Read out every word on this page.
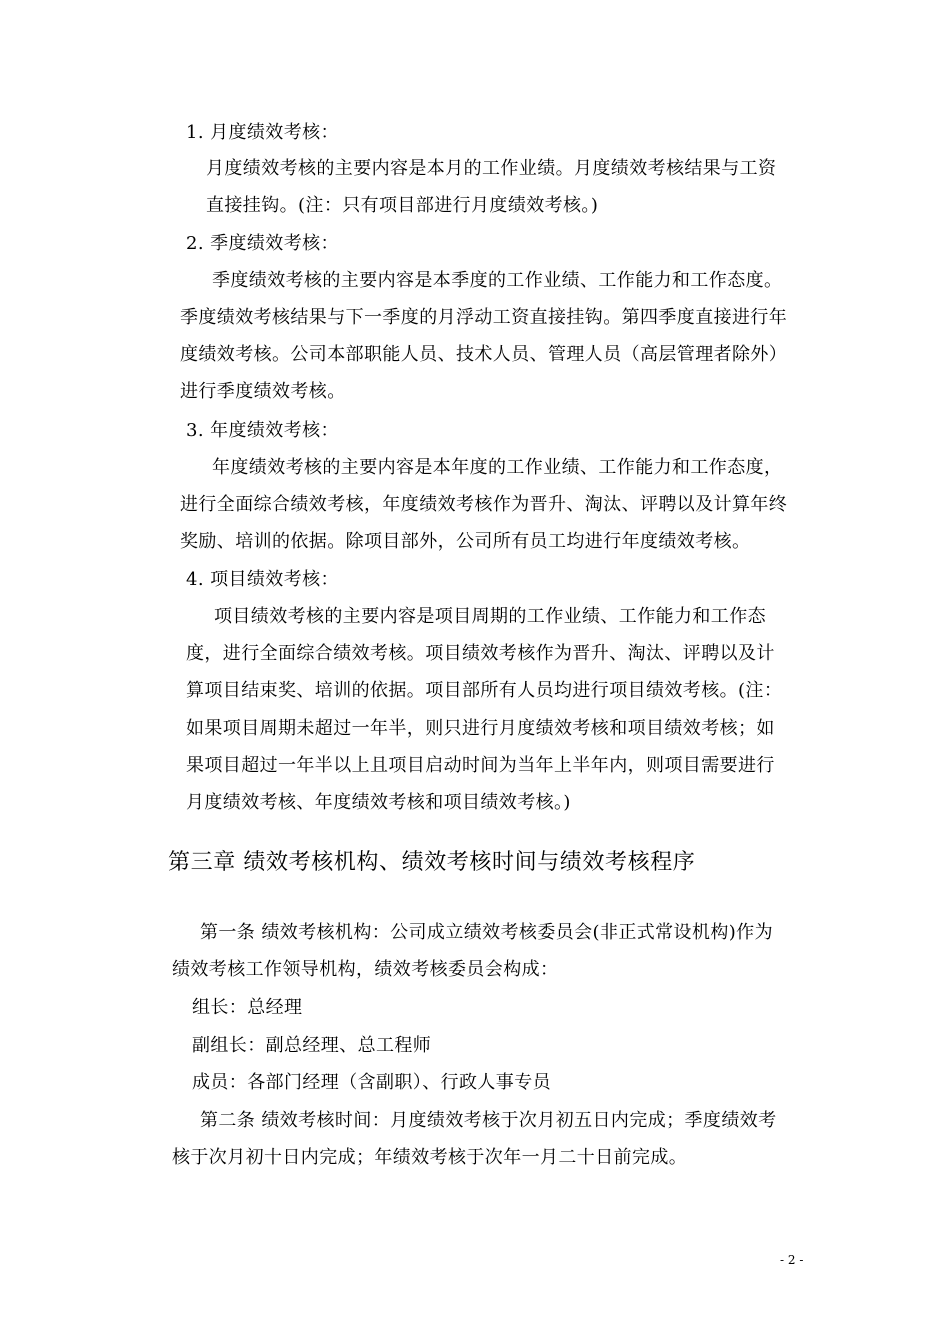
1. 月度绩效考核：
月度绩效考核的主要内容是本月的工作业绩。月度绩效考核结果与工资
直接挂钩。(注：只有项目部进行月度绩效考核。)
2. 季度绩效考核：
季度绩效考核的主要内容是本季度的工作业绩、工作能力和工作态度。
季度绩效考核结果与下一季度的月浮动工资直接挂钩。第四季度直接进行年
度绩效考核。公司本部职能人员、技术人员、管理人员（高层管理者除外）
进行季度绩效考核。
3. 年度绩效考核：
年度绩效考核的主要内容是本年度的工作业绩、工作能力和工作态度，
进行全面综合绩效考核，年度绩效考核作为晋升、淘汰、评聘以及计算年终
奖励、培训的依据。除项目部外，公司所有员工均进行年度绩效考核。
4. 项目绩效考核：
项目绩效考核的主要内容是项目周期的工作业绩、工作能力和工作态
度，进行全面综合绩效考核。项目绩效考核作为晋升、淘汰、评聘以及计
算项目结束奖、培训的依据。项目部所有人员均进行项目绩效考核。(注：
如果项目周期未超过一年半，则只进行月度绩效考核和项目绩效考核；如
果项目超过一年半以上且项目启动时间为当年上半年内，则项目需要进行
月度绩效考核、年度绩效考核和项目绩效考核。)
第三章 绩效考核机构、绩效考核时间与绩效考核程序
第一条 绩效考核机构：公司成立绩效考核委员会(非正式常设机构)作为
绩效考核工作领导机构，绩效考核委员会构成：
组长：总经理
副组长：副总经理、总工程师
成员：各部门经理（含副职）、行政人事专员
第二条 绩效考核时间：月度绩效考核于次月初五日内完成；季度绩效考
核于次月初十日内完成；年绩效考核于次年一月二十日前完成。
- 2 -
